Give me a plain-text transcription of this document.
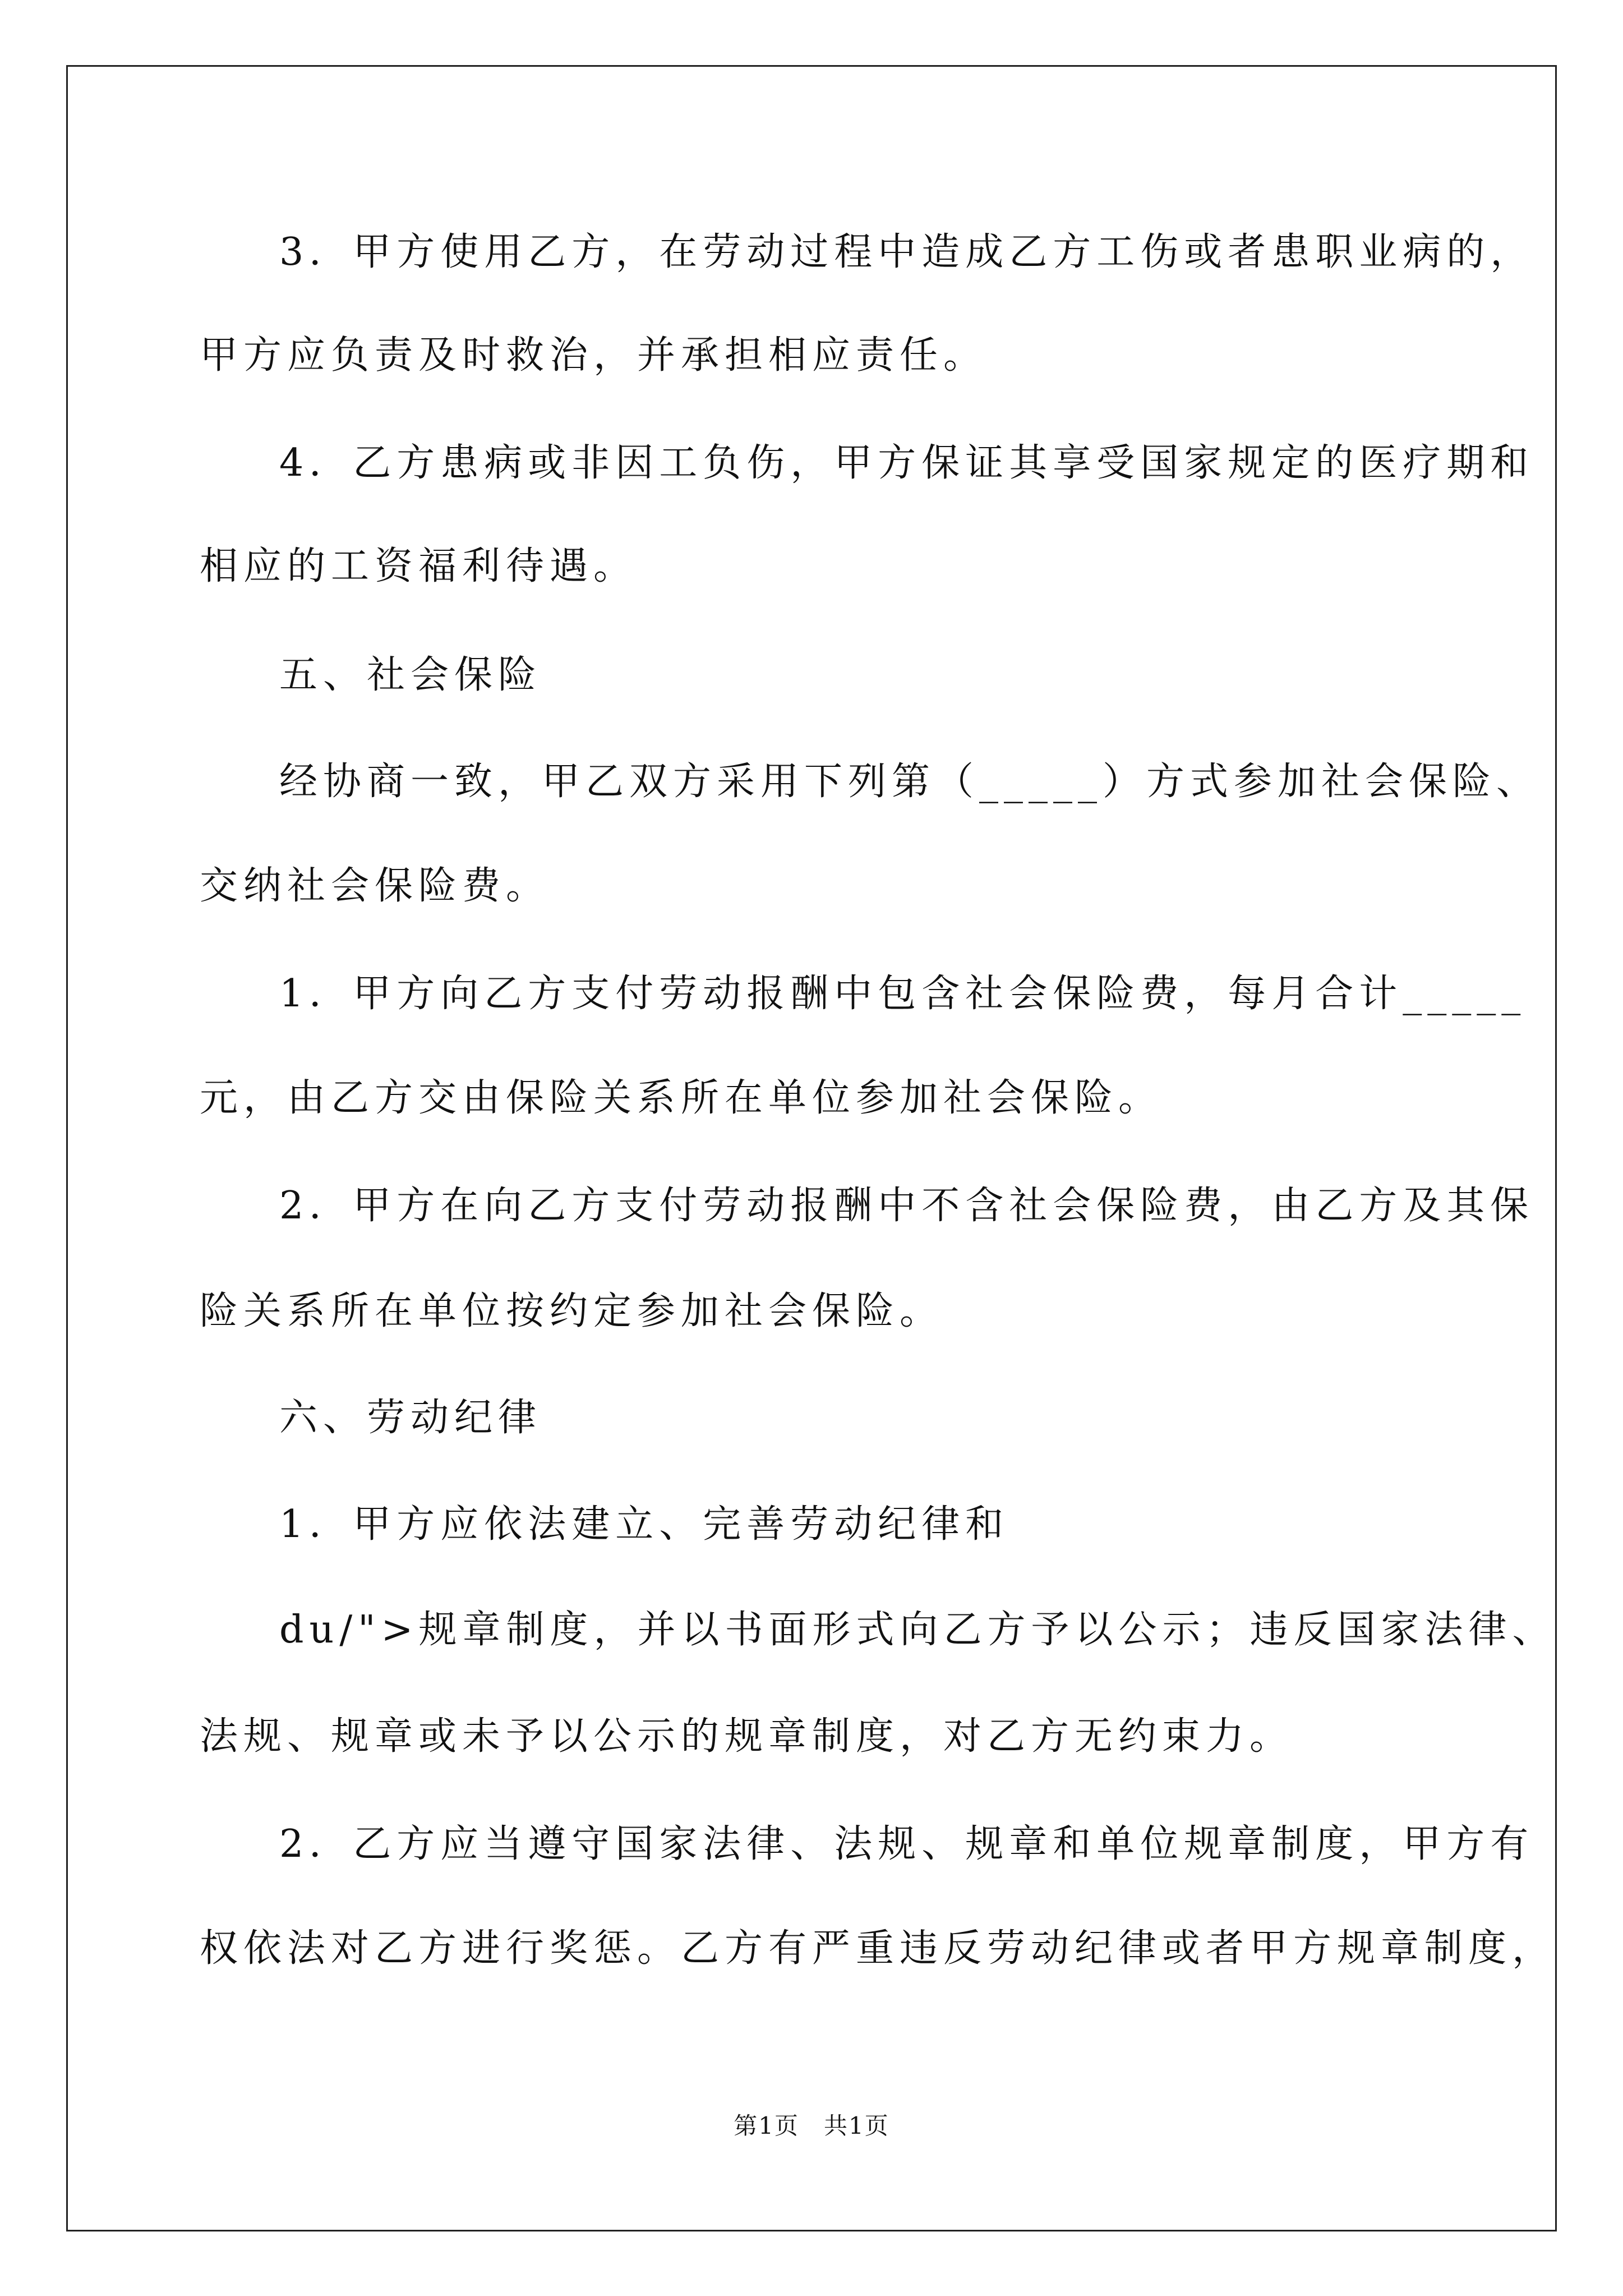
3．甲方使用乙方，在劳动过程中造成乙方工伤或者患职业病的，
甲方应负责及时救治，并承担相应责任。
4．乙方患病或非因工负伤，甲方保证其享受国家规定的医疗期和
相应的工资福利待遇。
五、社会保险
经协商一致，甲乙双方采用下列第（_____）方式参加社会保险、
交纳社会保险费。
1．甲方向乙方支付劳动报酬中包含社会保险费，每月合计_____
元，由乙方交由保险关系所在单位参加社会保险。
2．甲方在向乙方支付劳动报酬中不含社会保险费，由乙方及其保
险关系所在单位按约定参加社会保险。
六、劳动纪律
1．甲方应依法建立、完善劳动纪律和
du/">规章制度，并以书面形式向乙方予以公示；违反国家法律、
法规、规章或未予以公示的规章制度，对乙方无约束力。
2．乙方应当遵守国家法律、法规、规章和单位规章制度，甲方有
权依法对乙方进行奖惩。乙方有严重违反劳动纪律或者甲方规章制度，
第1页　共1页
